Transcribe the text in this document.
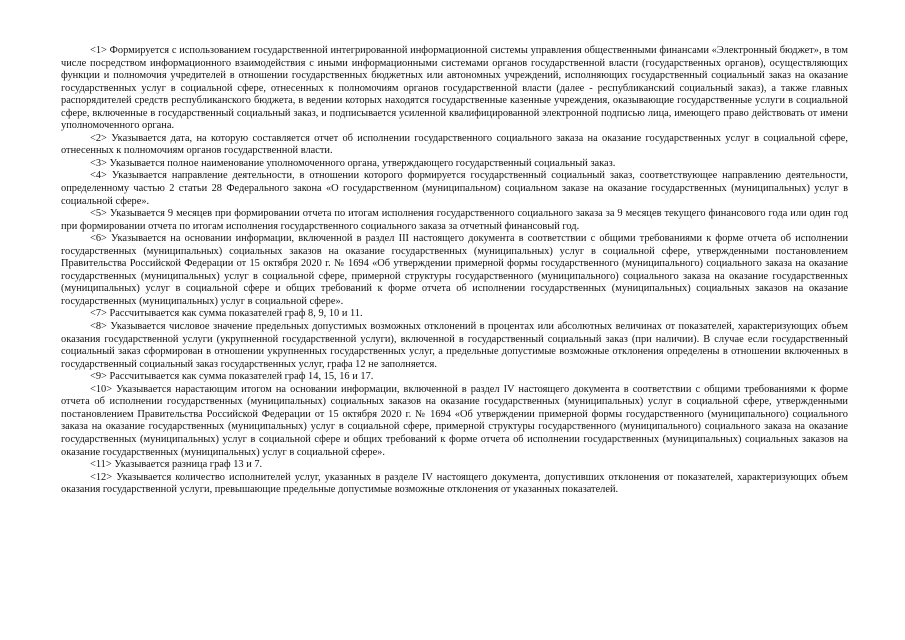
<1> Формируется с использованием государственной интегрированной информационной системы управления общественными финансами «Электронный бюджет», в том числе посредством информационного взаимодействия с иными информационными системами органов государственной власти (государственных органов), осуществляющих функции и полномочия учредителей в отношении государственных бюджетных или автономных учреждений, исполняющих государственный социальный заказ на оказание государственных услуг в социальной сфере, отнесенных к полномочиям органов государственной власти (далее - республиканский социальный заказ), а также главных распорядителей средств республиканского бюджета, в ведении которых находятся государственные казенные учреждения, оказывающие государственные услуги в социальной сфере, включенные в государственный социальный заказ, и подписывается усиленной квалифицированной электронной подписью лица, имеющего право действовать от имени уполномоченного органа.

<2> Указывается дата, на которую составляется отчет об исполнении государственного социального заказа на оказание государственных услуг в социальной сфере, отнесенных к полномочиям органов государственной власти.

<3> Указывается полное наименование уполномоченного органа, утверждающего государственный социальный заказ.

<4> Указывается направление деятельности, в отношении которого формируется государственный социальный заказ, соответствующее направлению деятельности, определенному частью 2 статьи 28 Федерального закона «О государственном (муниципальном) социальном заказе на оказание государственных (муниципальных) услуг в социальной сфере».

<5> Указывается 9 месяцев при формировании отчета по итогам исполнения государственного социального заказа за 9 месяцев текущего финансового года или один год при формировании отчета по итогам исполнения государственного социального заказа за отчетный финансовый год.

<6> Указывается на основании информации, включенной в раздел III настоящего документа в соответствии с общими требованиями к форме отчета об исполнении государственных (муниципальных) социальных заказов на оказание государственных (муниципальных) услуг в социальной сфере, утвержденными постановлением Правительства Российской Федерации от 15 октября 2020 г. № 1694 «Об утверждении примерной формы государственного (муниципального) социального заказа на оказание государственных (муниципальных) услуг в социальной сфере, примерной структуры государственного (муниципального) социального заказа на оказание государственных (муниципальных) услуг в социальной сфере и общих требований к форме отчета об исполнении государственных (муниципальных) социальных заказов на оказание государственных (муниципальных) услуг в социальной сфере».

<7> Рассчитывается как сумма показателей граф 8, 9, 10 и 11.

<8> Указывается числовое значение предельных допустимых возможных отклонений в процентах или абсолютных величинах от показателей, характеризующих объем оказания государственной услуги (укрупненной государственной услуги), включенной в государственный социальный заказ (при наличии). В случае если государственный социальный заказ сформирован в отношении укрупненных государственных услуг, а предельные допустимые возможные отклонения определены в отношении включенных в государственный социальный заказ государственных услуг, графа 12 не заполняется.

<9> Рассчитывается как сумма показателей граф 14, 15, 16 и 17.

<10> Указывается нарастающим итогом на основании информации, включенной в раздел IV настоящего документа в соответствии с общими требованиями к форме отчета об исполнении государственных (муниципальных) социальных заказов на оказание государственных (муниципальных) услуг в социальной сфере, утвержденными постановлением Правительства Российской Федерации от 15 октября 2020 г. № 1694 «Об утверждении примерной формы государственного (муниципального) социального заказа на оказание государственных (муниципальных) услуг в социальной сфере, примерной структуры государственного (муниципального) социального заказа на оказание государственных (муниципальных) услуг в социальной сфере и общих требований к форме отчета об исполнении государственных (муниципальных) социальных заказов на оказание государственных (муниципальных) услуг в социальной сфере».

<11> Указывается разница граф 13 и 7.

<12> Указывается количество исполнителей услуг, указанных в разделе IV настоящего документа, допустивших отклонения от показателей, характеризующих объем оказания государственной услуги, превышающие предельные допустимые возможные отклонения от указанных показателей.
